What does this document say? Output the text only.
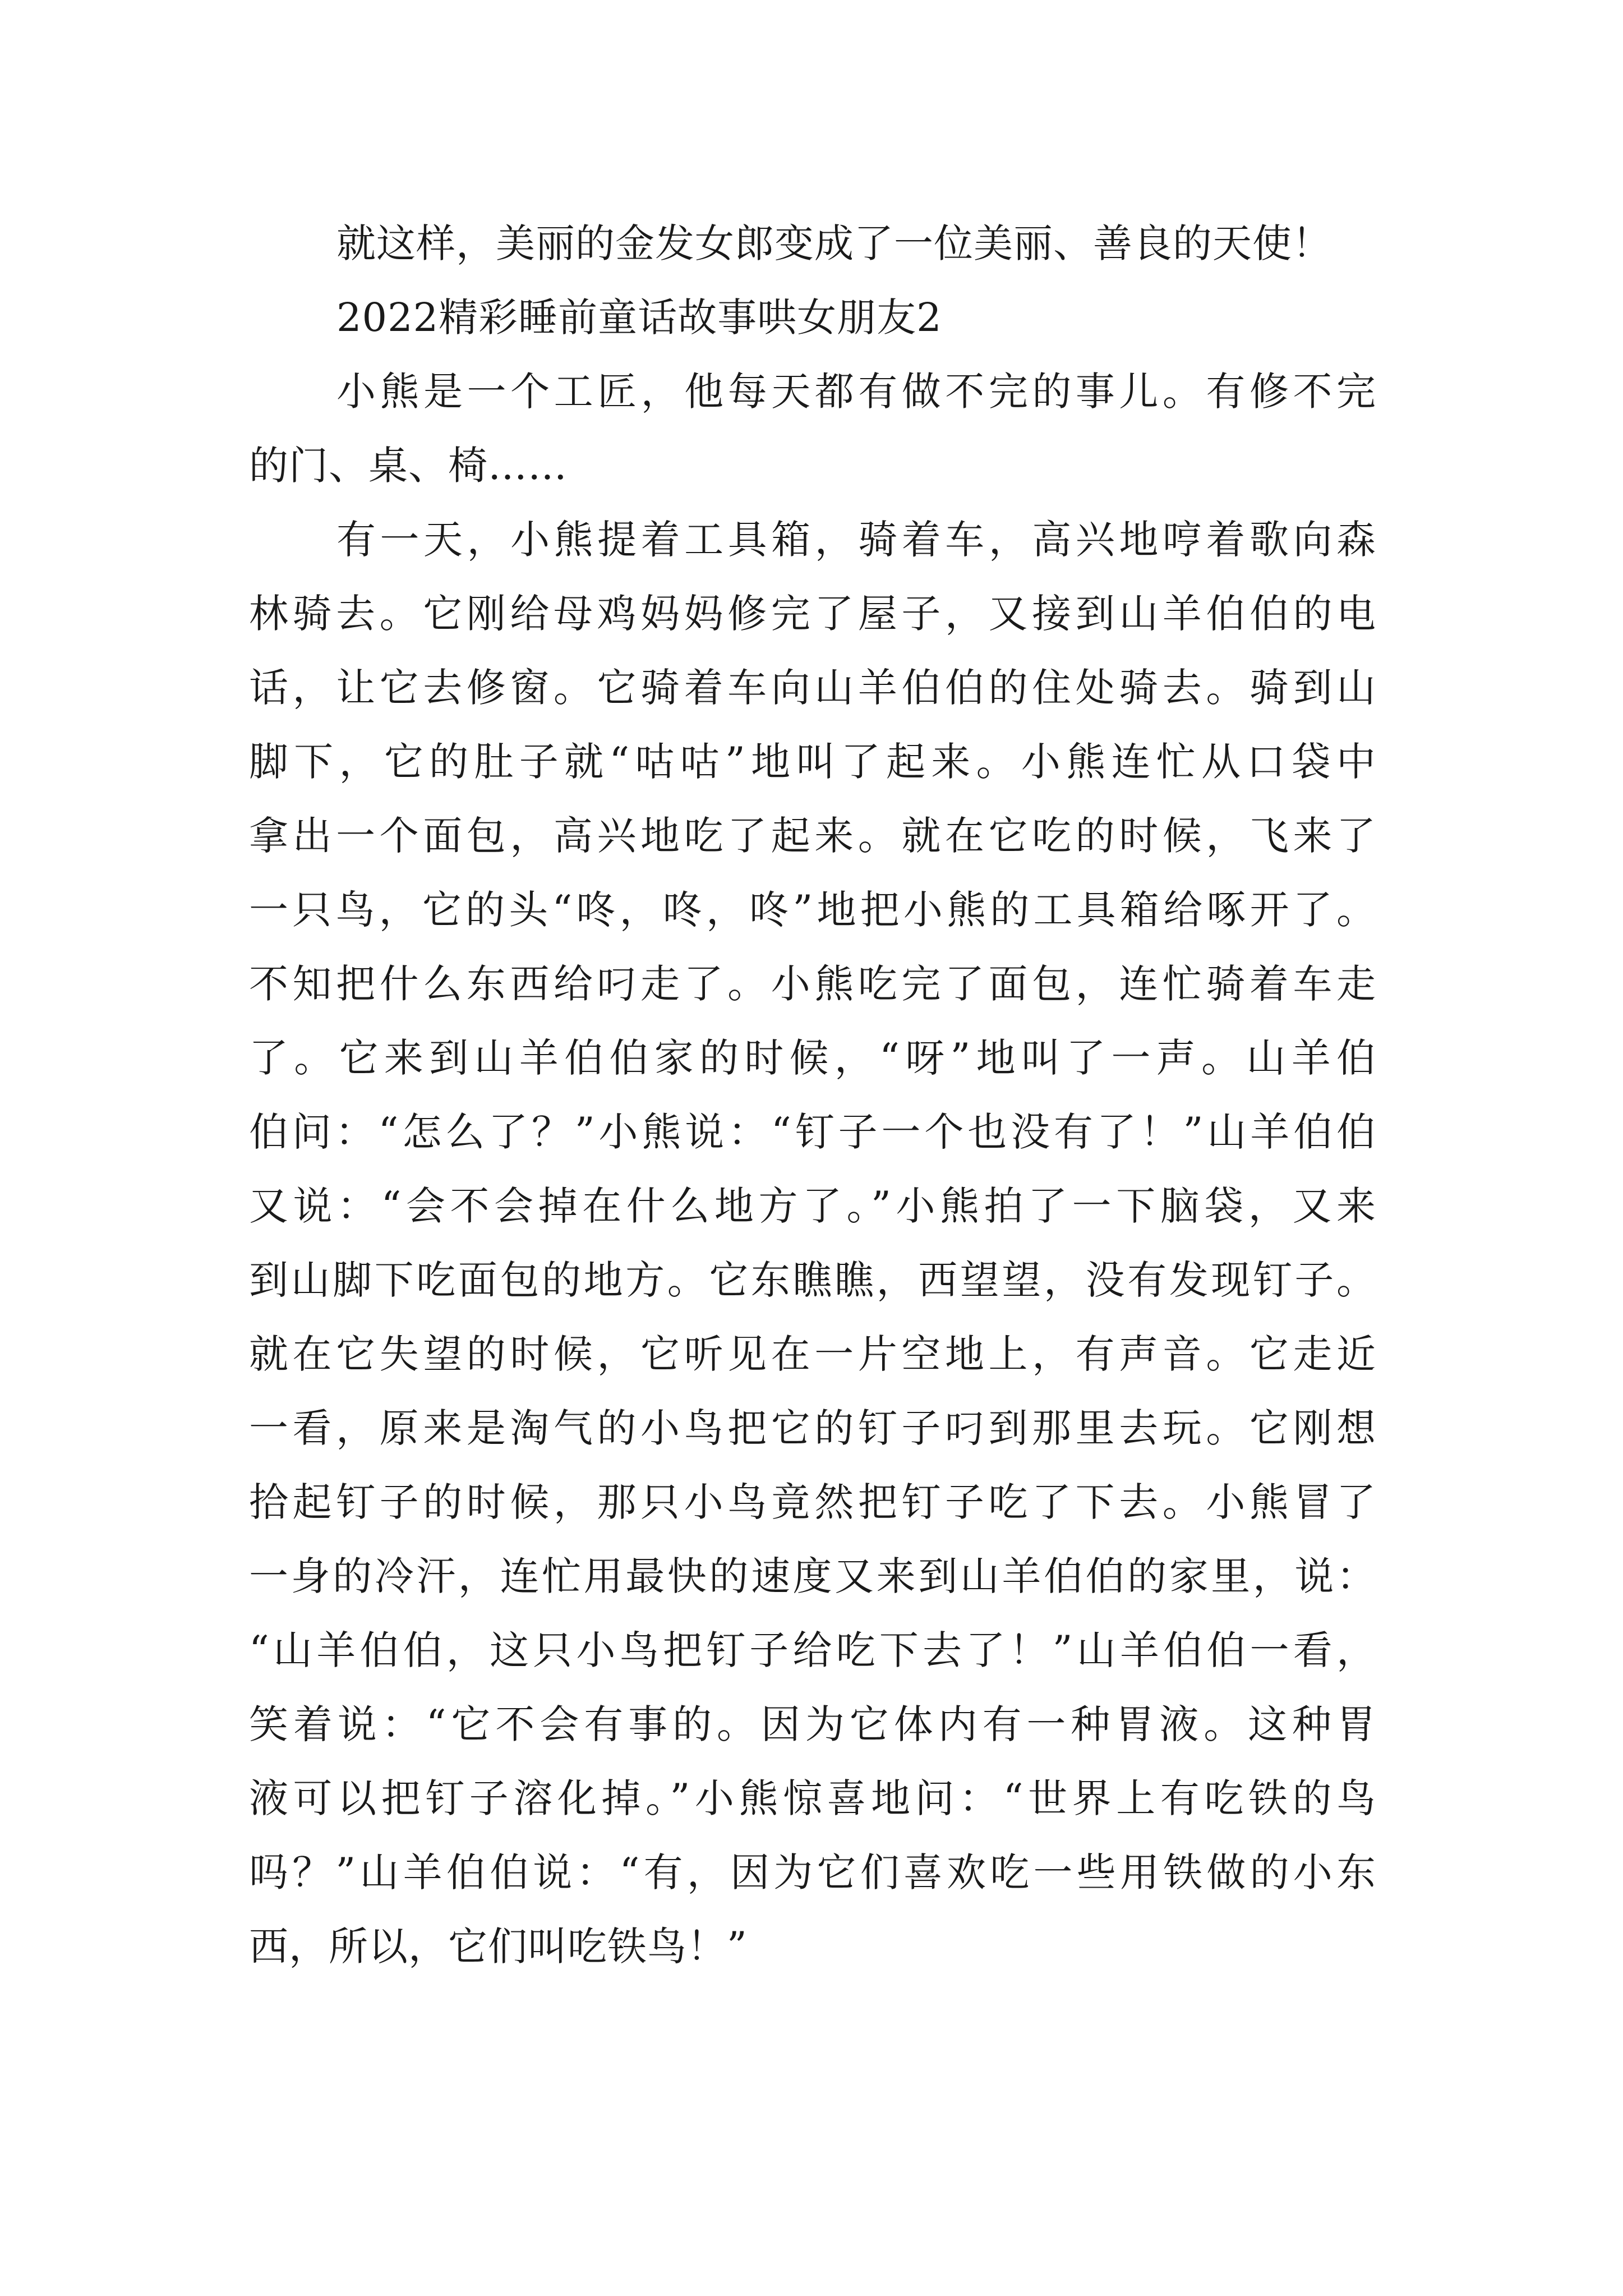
就这样，美丽的金发女郎变成了一位美丽、善良的天使！
2022精彩睡前童话故事哄女朋友2
小熊是一个工匠，他每天都有做不完的事儿。有修不完
的门、桌、椅……
有一天，小熊提着工具箱，骑着车，高兴地哼着歌向森
林骑去。它刚给母鸡妈妈修完了屋子，又接到山羊伯伯的电
话，让它去修窗。它骑着车向山羊伯伯的住处骑去。骑到山
脚下，它的肚子就“咕咕”地叫了起来。小熊连忙从口袋中
拿出一个面包，高兴地吃了起来。就在它吃的时候，飞来了
一只鸟，它的头“咚，咚，咚”地把小熊的工具箱给啄开了。
不知把什么东西给叼走了。小熊吃完了面包，连忙骑着车走
了。它来到山羊伯伯家的时候，“呀”地叫了一声。山羊伯
伯问：“怎么了？”小熊说：“钉子一个也没有了！”山羊伯伯
又说：“会不会掉在什么地方了。”小熊拍了一下脑袋，又来
到山脚下吃面包的地方。它东瞧瞧，西望望，没有发现钉子。
就在它失望的时候，它听见在一片空地上，有声音。它走近
一看，原来是淘气的小鸟把它的钉子叼到那里去玩。它刚想
拾起钉子的时候，那只小鸟竟然把钉子吃了下去。小熊冒了
一身的冷汗，连忙用最快的速度又来到山羊伯伯的家里，说：
“山羊伯伯，这只小鸟把钉子给吃下去了！”山羊伯伯一看，
笑着说：“它不会有事的。因为它体内有一种胃液。这种胃
液可以把钉子溶化掉。”小熊惊喜地问：“世界上有吃铁的鸟
吗？”山羊伯伯说：“有，因为它们喜欢吃一些用铁做的小东
西，所以，它们叫吃铁鸟！”
